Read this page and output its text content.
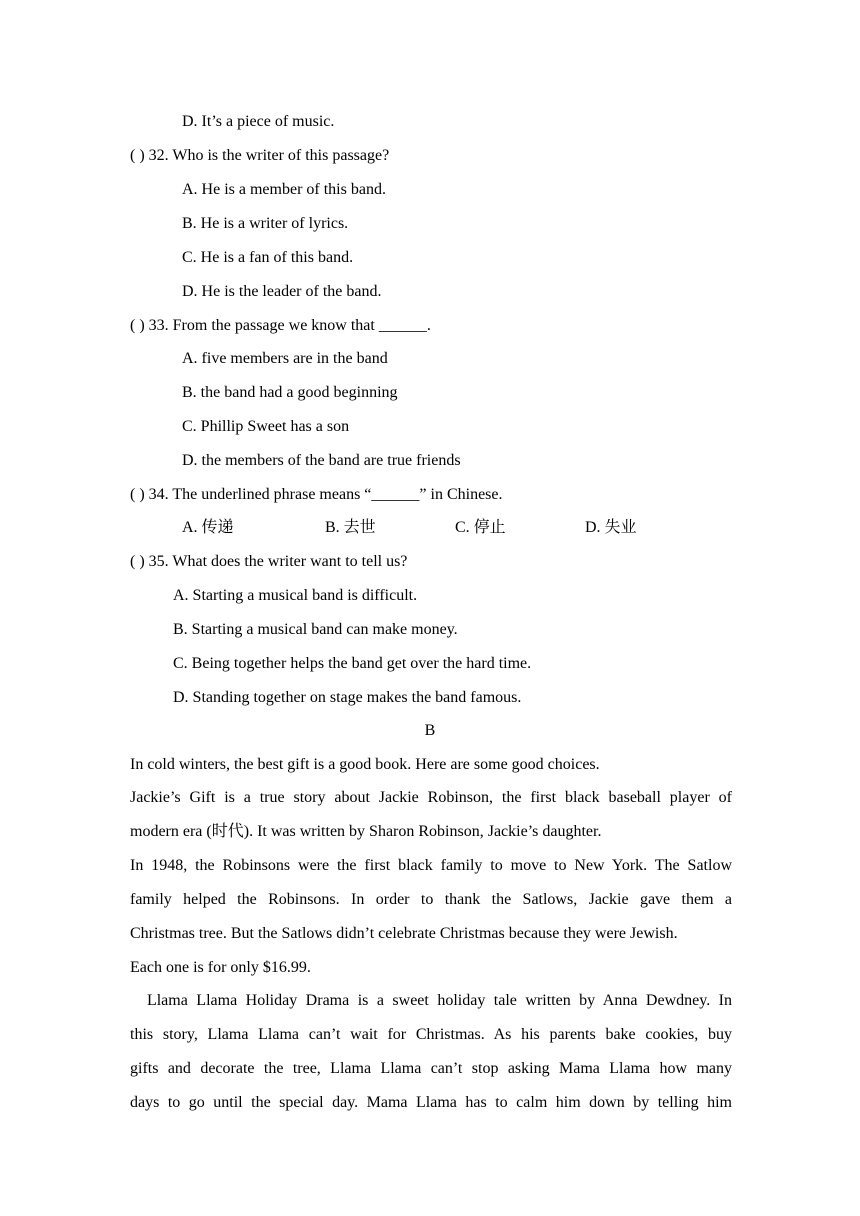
D. It’s a piece of music.
( ) 32. Who is the writer of this passage?
A. He is a member of this band.
B. He is a writer of lyrics.
C. He is a fan of this band.
D. He is the leader of the band.
( ) 33. From the passage we know that ______.
A. five members are in the band
B. the band had a good beginning
C. Phillip Sweet has a son
D. the members of the band are true friends
( ) 34. The underlined phrase means “______” in Chinese.
A. 传递	B. 去世	C. 停止	D. 失业
( ) 35. What does the writer want to tell us?
A. Starting a musical band is difficult.
B. Starting a musical band can make money.
C. Being together helps the band get over the hard time.
D. Standing together on stage makes the band famous.
B
In cold winters, the best gift is a good book. Here are some good choices.
Jackie’s Gift is a true story about Jackie Robinson, the first black baseball player of
modern era (时代). It was written by Sharon Robinson, Jackie’s daughter.
In 1948, the Robinsons were the first black family to move to New York. The Satlow
family helped the Robinsons. In order to thank the Satlows, Jackie gave them a
Christmas tree. But the Satlows didn’t celebrate Christmas because they were Jewish.
Each one is for only $16.99.
Llama Llama Holiday Drama is a sweet holiday tale written by Anna Dewdney. In
this story, Llama Llama can’t wait for Christmas. As his parents bake cookies, buy
gifts and decorate the tree, Llama Llama can’t stop asking Mama Llama how many
days to go until the special day. Mama Llama has to calm him down by telling him
